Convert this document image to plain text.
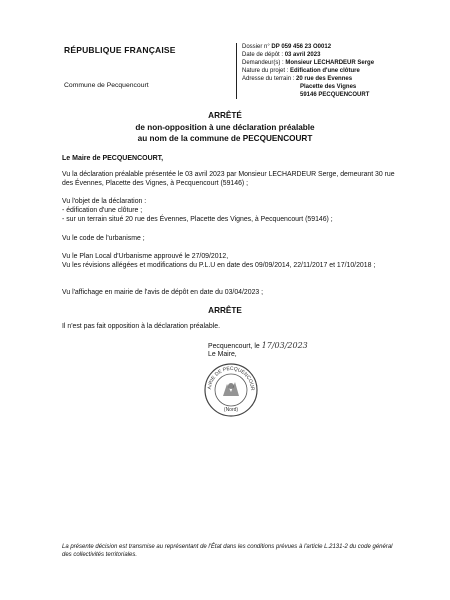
RÉPUBLIQUE FRANÇAISE
Commune de Pecquencourt
Dossier n° DP 059 456 23 O0012
Date de dépôt : 03 avril 2023
Demandeur(s) : Monsieur LECHARDEUR Serge
Nature du projet : Edification d'une clôture
Adresse du terrain : 20 rue des Evennes
Placette des Vignes
59146 PECQUENCOURT
ARRÊTÉ
de non-opposition à une déclaration préalable
au nom de la commune de PECQUENCOURT
Le Maire de PECQUENCOURT,
Vu la déclaration préalable présentée le 03 avril 2023 par Monsieur LECHARDEUR Serge, demeurant 30 rue des Évennes, Placette des Vignes, à Pecquencourt (59146) ;
Vu l'objet de la déclaration :
- édification d'une clôture ;
- sur un terrain situé 20 rue des Évennes, Placette des Vignes, à Pecquencourt (59146) ;
Vu le code de l'urbanisme ;
Vu le Plan Local d'Urbanisme approuvé le 27/09/2012,
Vu les révisions allégées et modifications du P.L.U en date des 09/09/2014, 22/11/2017 et 17/10/2018 ;
Vu l'affichage en mairie de l'avis de dépôt en date du 03/04/2023 ;
ARRÊTE
Il n'est pas fait opposition à la déclaration préalable.
Pecquencourt, le 17/03/2023
Le Maire,
AIRIE DE PECQUENCOUR
(Nord)
La présente décision est transmise au représentant de l'État dans les conditions prévues à l'article L.2131-2 du code général des collectivités territoriales.
